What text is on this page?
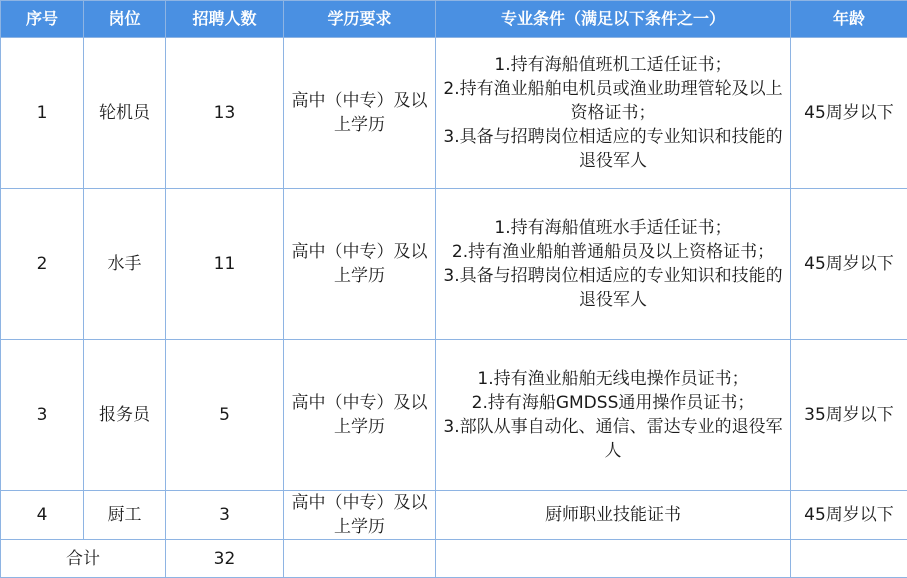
序号	岗位	招聘人数	学历要求	专业条件（满足以下条件之一）	年龄
1	轮机员	13	高中（中专）及以上学历	1.持有海船值班机工适任证书；
2.持有渔业船舶电机员或渔业助理管轮及以上资格证书；
3.具备与招聘岗位相适应的专业知识和技能的退役军人	45周岁以下
2	水手	11	高中（中专）及以上学历	1.持有海船值班水手适任证书；
2.持有渔业船舶普通船员及以上资格证书；
3.具备与招聘岗位相适应的专业知识和技能的退役军人	45周岁以下
3	报务员	5	高中（中专）及以上学历	1.持有渔业船舶无线电操作员证书；
2.持有海船GMDSS通用操作员证书；
3.部队从事自动化、通信、雷达专业的退役军人	35周岁以下
4	厨工	3	高中（中专）及以上学历	厨师职业技能证书	45周岁以下
合计		32			
